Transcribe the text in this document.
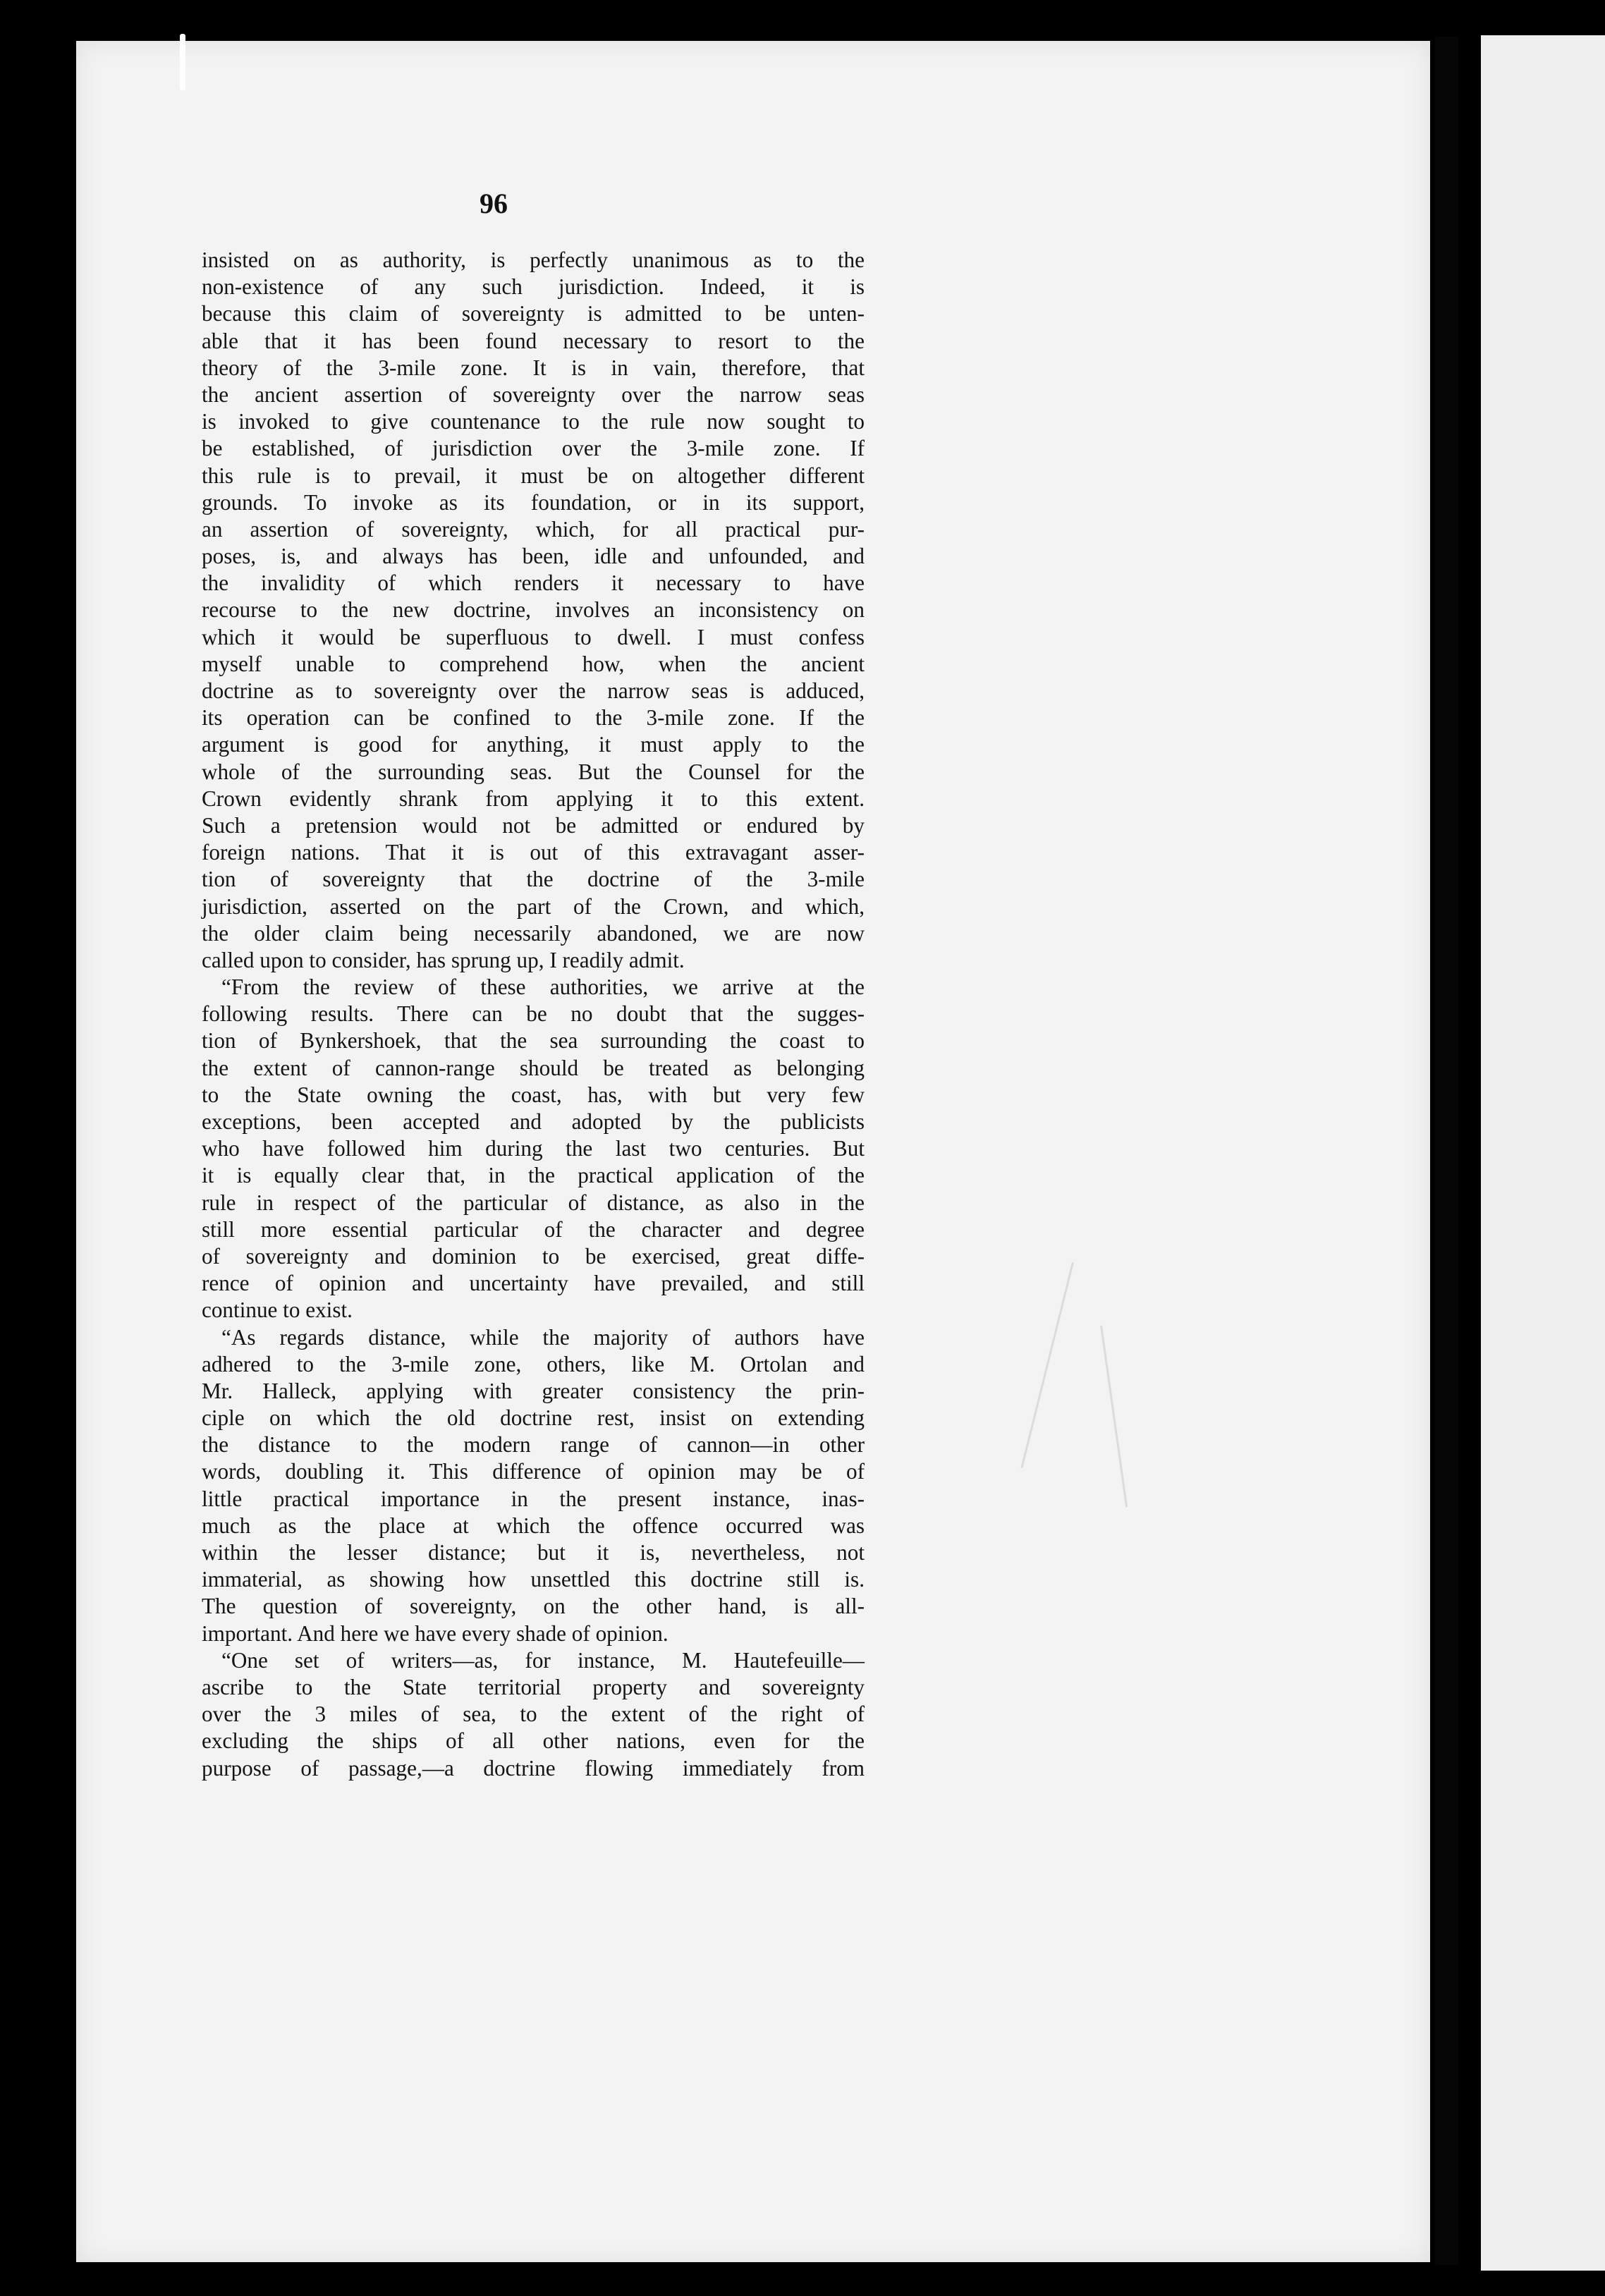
96
insisted on as authority, is perfectly unanimous as to the
non-existence of any such jurisdiction. Indeed, it is
because this claim of sovereignty is admitted to be unten-
able that it has been found necessary to resort to the
theory of the 3-mile zone. It is in vain, therefore, that
the ancient assertion of sovereignty over the narrow seas
is invoked to give countenance to the rule now sought to
be established, of jurisdiction over the 3-mile zone. If
this rule is to prevail, it must be on altogether different
grounds. To invoke as its foundation, or in its support,
an assertion of sovereignty, which, for all practical pur-
poses, is, and always has been, idle and unfounded, and
the invalidity of which renders it necessary to have
recourse to the new doctrine, involves an inconsistency on
which it would be superfluous to dwell. I must confess
myself unable to comprehend how, when the ancient
doctrine as to sovereignty over the narrow seas is adduced,
its operation can be confined to the 3-mile zone. If the
argument is good for anything, it must apply to the
whole of the surrounding seas. But the Counsel for the
Crown evidently shrank from applying it to this extent.
Such a pretension would not be admitted or endured by
foreign nations. That it is out of this extravagant asser-
tion of sovereignty that the doctrine of the 3-mile
jurisdiction, asserted on the part of the Crown, and which,
the older claim being necessarily abandoned, we are now
called upon to consider, has sprung up, I readily admit.
“From the review of these authorities, we arrive at the
following results. There can be no doubt that the sugges-
tion of Bynkershoek, that the sea surrounding the coast to
the extent of cannon-range should be treated as belonging
to the State owning the coast, has, with but very few
exceptions, been accepted and adopted by the publicists
who have followed him during the last two centuries. But
it is equally clear that, in the practical application of the
rule in respect of the particular of distance, as also in the
still more essential particular of the character and degree
of sovereignty and dominion to be exercised, great diffe-
rence of opinion and uncertainty have prevailed, and still
continue to exist.
“As regards distance, while the majority of authors have
adhered to the 3-mile zone, others, like M. Ortolan and
Mr. Halleck, applying with greater consistency the prin-
ciple on which the old doctrine rest, insist on extending
the distance to the modern range of cannon—in other
words, doubling it. This difference of opinion may be of
little practical importance in the present instance, inas-
much as the place at which the offence occurred was
within the lesser distance; but it is, nevertheless, not
immaterial, as showing how unsettled this doctrine still is.
The question of sovereignty, on the other hand, is all-
important. And here we have every shade of opinion.
“One set of writers—as, for instance, M. Hautefeuille—
ascribe to the State territorial property and sovereignty
over the 3 miles of sea, to the extent of the right of
excluding the ships of all other nations, even for the
purpose of passage,—a doctrine flowing immediately from
